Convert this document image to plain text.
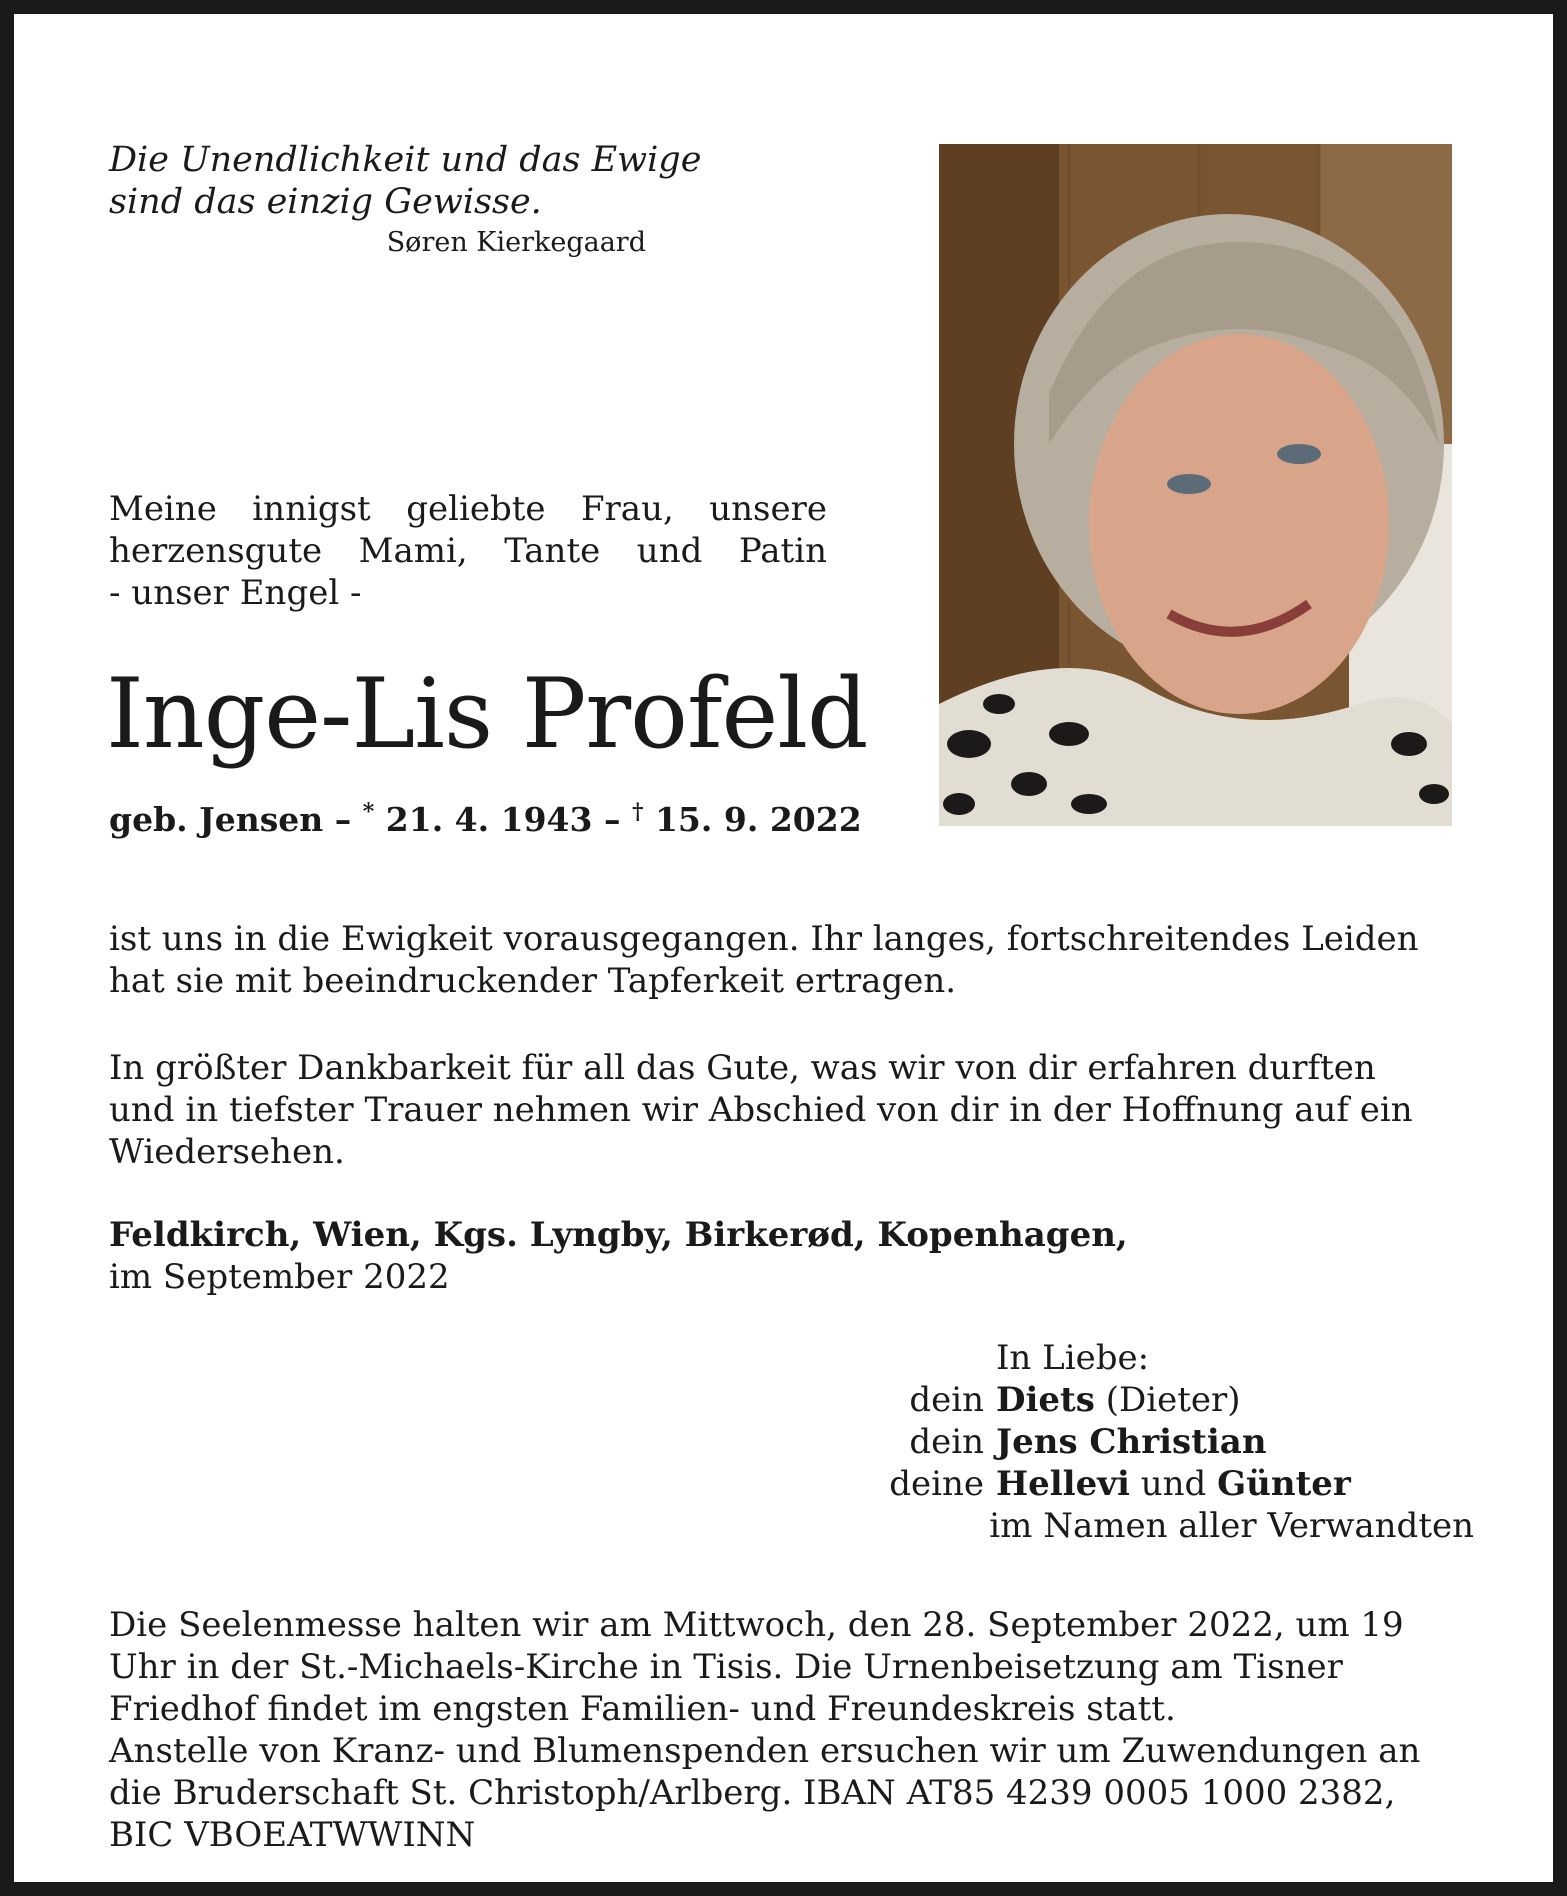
Die Unendlichkeit und das Ewige
sind das einzig Gewisse.
Søren Kierkegaard
Meine innigst geliebte Frau, unsere
herzensgute Mami, Tante und Patin
- unser Engel -
Inge-Lis Profeld
geb. Jensen – * 21. 4. 1943 – † 15. 9. 2022
ist uns in die Ewigkeit vorausgegangen. Ihr langes, fortschreitendes Leiden hat sie mit beeindruckender Tapferkeit ertragen.
In größter Dankbarkeit für all das Gute, was wir von dir erfahren durften und in tiefster Trauer nehmen wir Abschied von dir in der Hoffnung auf ein Wiedersehen.
Feldkirch, Wien, Kgs. Lyngby, Birkerød, Kopenhagen,
im September 2022
In Liebe:
dein Diets (Dieter)
dein Jens Christian
deine Hellevi und Günter
im Namen aller Verwandten
Die Seelenmesse halten wir am Mittwoch, den 28. September 2022, um 19 Uhr in der St.-Michaels-Kirche in Tisis. Die Urnenbeisetzung am Tisner Friedhof findet im engsten Familien- und Freundeskreis statt.
Anstelle von Kranz- und Blumenspenden ersuchen wir um Zuwendungen an die Bruderschaft St. Christoph/Arlberg. IBAN AT85 4239 0005 1000 2382, BIC VBOEATWWINN
